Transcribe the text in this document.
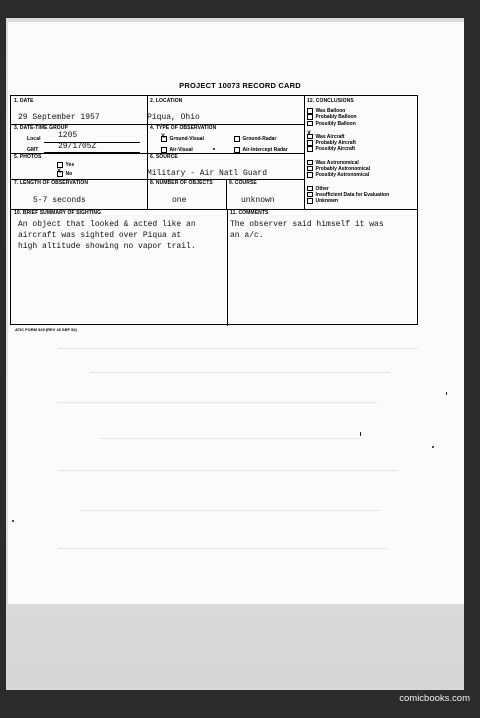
PROJECT 10073 RECORD CARD
1. DATE
29 September 1957
2. LOCATION
Piqua, Ohio
3. DATE-TIME GROUP
Local 1205
GMT 29/1705Z
4. TYPE OF OBSERVATION
X Ground-Visual	Ground-Radar
Air-Visual	Air-Intercept Radar
5. PHOTOS
Yes
X No
6. SOURCE
Military - Air Natl Guard
7. LENGTH OF OBSERVATION
5-7 seconds
8. NUMBER OF OBJECTS
one
9. COURSE
unknown
12. CONCLUSIONS
Was Balloon
Probably Balloon
Possibly Balloon
X
Was Aircraft
Probably Aircraft
Possibly Aircraft
Was Astronomical
Probably Astronomical
Possibly Astronomical
Other
Insufficient Data for Evaluation
Unknown
10. BRIEF SUMMARY OF SIGHTING
An object that looked & acted like an
aircraft was sighted over Piqua at
high altitude showing no vapor trail.
11. COMMENTS
The observer said himself it was
an a/c.
ATIC FORM 329 (REV 26 SEP 52)
comicbooks.com
